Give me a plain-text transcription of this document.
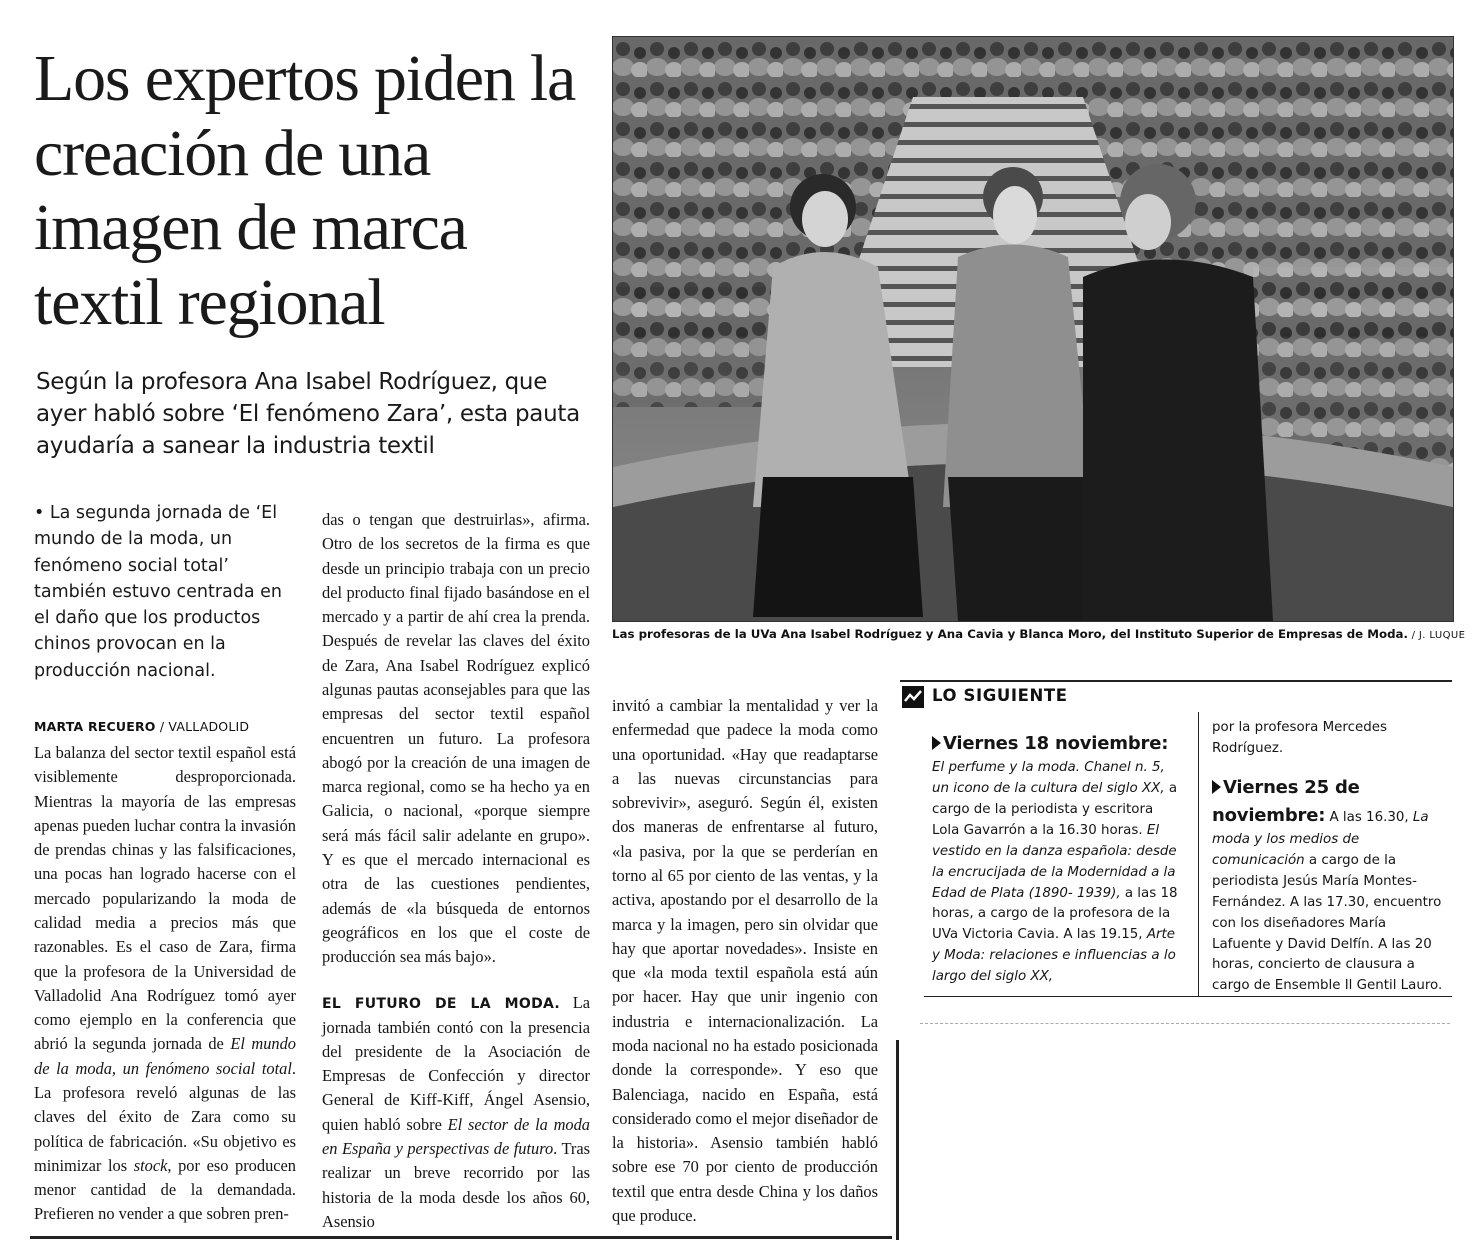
Los expertos piden la creación de una imagen de marca textil regional
Según la profesora Ana Isabel Rodríguez, que ayer habló sobre ‘El fenómeno Zara’, esta pauta ayudaría a sanear la industria textil
• La segunda jornada de ‘El mundo de la moda, un fenómeno social total’ también estuvo centrada en el daño que los productos chinos provocan en la producción nacional.
MARTA RECUERO / VALLADOLID
La balanza del sector textil español está visiblemente desproporcionada. Mientras la mayoría de las empresas apenas pueden luchar contra la invasión de prendas chinas y las falsificaciones, una pocas han logrado hacerse con el mercado popularizando la moda de calidad media a precios más que razonables. Es el caso de Zara, firma que la profesora de la Universidad de Valladolid Ana Rodríguez tomó ayer como ejemplo en la conferencia que abrió la segunda jornada de El mundo de la moda, un fenómeno social total. La profesora reveló algunas de las claves del éxito de Zara como su política de fabricación. «Su objetivo es minimizar los stock, por eso producen menor cantidad de la demandada. Prefieren no vender a que sobren pren-
das o tengan que destruirlas», afirma. Otro de los secretos de la firma es que desde un principio trabaja con un precio del producto final fijado basándose en el mercado y a partir de ahí crea la prenda. Después de revelar las claves del éxito de Zara, Ana Isabel Rodríguez explicó algunas pautas aconsejables para que las empresas del sector textil español encuentren un futuro. La profesora abogó por la creación de una imagen de marca regional, como se ha hecho ya en Galicia, o nacional, «porque siempre será más fácil salir adelante en grupo». Y es que el mercado internacional es otra de las cuestiones pendientes, además de «la búsqueda de entornos geográficos en los que el coste de producción sea más bajo».
EL FUTURO DE LA MODA. La jornada también contó con la presencia del presidente de la Asociación de Empresas de Confección y director General de Kiff-Kiff, Ángel Asensio, quien habló sobre El sector de la moda en España y perspectivas de futuro. Tras realizar un breve recorrido por las historia de la moda desde los años 60, Asensio
invitó a cambiar la mentalidad y ver la enfermedad que padece la moda como una oportunidad. «Hay que readaptarse a las nuevas circunstancias para sobrevivir», aseguró. Según él, existen dos maneras de enfrentarse al futuro, «la pasiva, por la que se perderían en torno al 65 por ciento de las ventas, y la activa, apostando por el desarrollo de la marca y la imagen, pero sin olvidar que hay que aportar novedades». Insiste en que «la moda textil española está aún por hacer. Hay que unir ingenio con industria e internacionalización. La moda nacional no ha estado posicionada donde la corresponde». Y eso que Balenciaga, nacido en España, está considerado como el mejor diseñador de la historia». Asensio también habló sobre ese 70 por ciento de producción textil que entra desde China y los daños que produce.
Las profesoras de la UVa Ana Isabel Rodríguez y Ana Cavia y Blanca Moro, del Instituto Superior de Empresas de Moda. / J. LUQUE
LO SIGUIENTE
Viernes 18 noviembre: El perfume y la moda. Chanel n. 5, un icono de la cultura del siglo XX, a cargo de la periodista y escritora Lola Gavarrón a la 16.30 horas. El vestido en la danza española: desde la encrucijada de la Modernidad a la Edad de Plata (1890- 1939), a las 18 horas, a cargo de la profesora de la UVa Victoria Cavia. A las 19.15, Arte y Moda: relaciones e influencias a lo largo del siglo XX,
por la profesora Mercedes Rodríguez.
Viernes 25 de noviembre: A las 16.30, La moda y los medios de comunicación a cargo de la periodista Jesús María Montes-Fernández. A las 17.30, encuentro con los diseñadores María Lafuente y David Delfín. A las 20 horas, concierto de clausura a cargo de Ensemble Il Gentil Lauro.
